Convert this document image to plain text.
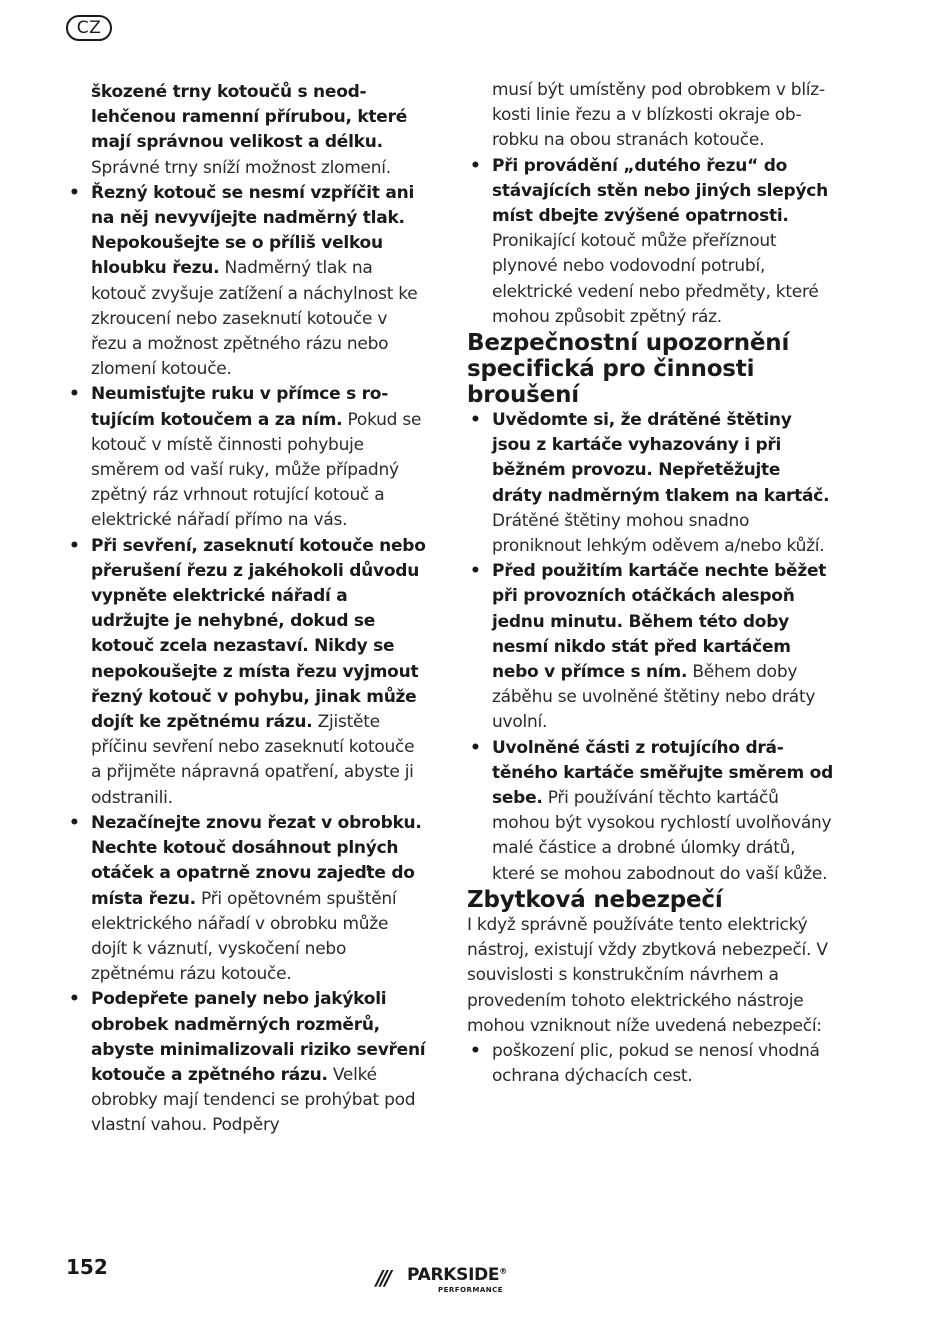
CZ

škozené trny kotoučů s neodlehčenou ramenní přírubou, které mají správnou velikost a délku. Správné trny sníží možnost zlomení.

• Řezný kotouč se nesmí vzpříčit ani na něj nevyvíjejte nadměrný tlak. Nepokoušejte se o příliš velkou hloubku řezu. Nadměrný tlak na kotouč zvyšuje zatížení a náchylnost ke zkroucení nebo zaseknutí kotouče v řezu a možnost zpětného rázu nebo zlomení kotouče.
• Neumisťujte ruku v přímce s rotujícím kotoučem a za ním. Pokud se kotouč v místě činnosti pohybuje směrem od vaší ruky, může případný zpětný ráz vrhnout rotující kotouč a elektrické nářadí přímo na vás.
• Při sevření, zaseknutí kotouče nebo přerušení řezu z jakéhokoli důvodu vypněte elektrické nářadí a udržujte je nehybné, dokud se kotouč zcela nezastaví. Nikdy se nepokoušejte z místa řezu vyjmout řezný kotouč v pohybu, jinak může dojít ke zpětnému rázu. Zjistěte příčinu sevření nebo zaseknutí kotouče a přijměte nápravná opatření, abyste ji odstranili.
• Nezačínejte znovu řezat v obrobku. Nechte kotouč dosáhnout plných otáček a opatrně znovu zajeďte do místa řezu. Při opětovném spuštění elektrického nářadí v obrobku může dojít k váznutí, vyskočení nebo zpětnému rázu kotouče.
• Podepřete panely nebo jakýkoli obrobek nadměrných rozměrů, abyste minimalizovali riziko sevření kotouče a zpětného rázu. Velké obrobky mají tendenci se prohýbat pod vlastní vahou. Podpěry

musí být umístěny pod obrobkem v blízkosti linie řezu a v blízkosti okraje obrobku na obou stranách kotouče.

• Při provádění „dutého řezu“ do stávajících stěn nebo jiných slepých míst dbejte zvýšené opatrnosti. Pronikající kotouč může přeříznout plynové nebo vodovodní potrubí, elektrické vedení nebo předměty, které mohou způsobit zpětný ráz.
Bezpečnostní upozornění specifická pro činnosti broušení
• Uvědomte si, že drátěné štětiny jsou z kartáče vyhazovány i při běžném provozu. Nepřetěžujte dráty nadměrným tlakem na kartáč. Drátěné štětiny mohou snadno proniknout lehkým oděvem a/nebo kůží.
• Před použitím kartáče nechte běžet při provozních otáčkách alespoň jednu minutu. Během této doby nesmí nikdo stát před kartáčem nebo v přímce s ním. Během doby záběhu se uvolněné štětiny nebo dráty uvolní.
• Uvolněné části z rotujícího drátěného kartáče směřujte směrem od sebe. Při používání těchto kartáčů mohou být vysokou rychlostí uvolňovány malé částice a drobné úlomky drátů, které se mohou zabodnout do vaší kůže.
Zbytková nebezpečí

I když správně používáte tento elektrický nástroj, existují vždy zbytková nebezpečí. V souvislosti s konstrukčním návrhem a provedením tohoto elektrického nástroje mohou vzniknout níže uvedená nebezpečí:

• poškození plic, pokud se nenosí vhodná ochrana dýchacích cest.
152	/// PARKSIDE®
PERFORMANCE
